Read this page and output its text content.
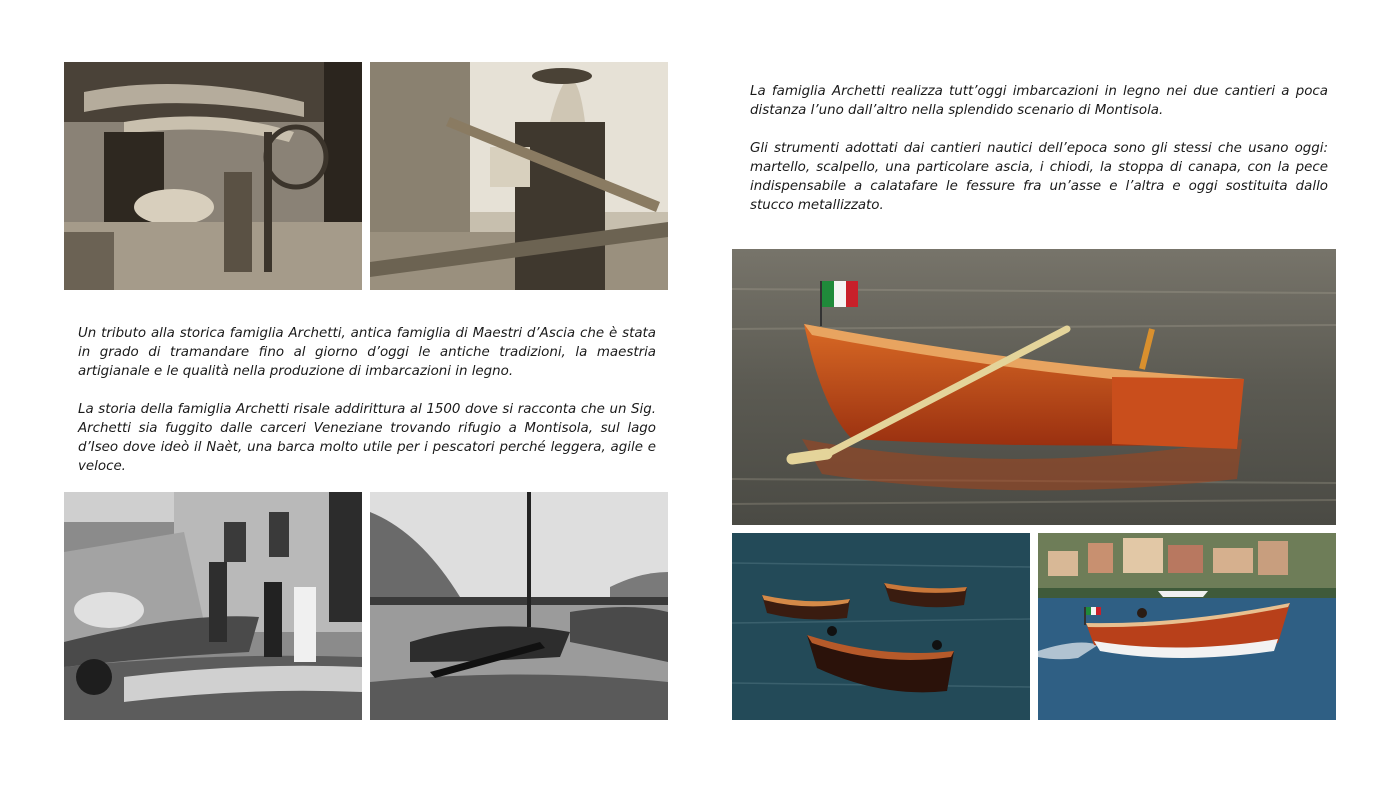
Un tributo alla storica famiglia Archetti, antica famiglia di Maestri d’Ascia che è stata in grado di tramandare fino al giorno d’oggi le antiche tradizioni, la maestria artigianale e le qualità nella produzione di imbarcazioni in legno.

La storia della famiglia Archetti risale addirittura al 1500 dove si racconta che un Sig. Archetti sia fuggito dalle carceri Veneziane trovando rifugio a Montisola, sul lago d’Iseo dove ideò il Naèt, una barca molto utile per i pescatori perché leggera, agile e veloce.

La famiglia Archetti realizza tutt’oggi imbarcazioni in legno nei due cantieri a poca distanza l’uno dall’altro nella splendido scenario di Montisola.

Gli strumenti adottati dai cantieri nautici dell’epoca sono gli stessi che usano oggi: martello, scalpello, una particolare ascia, i chiodi, la stoppa di canapa, con la pece indispensabile a calatafare le fessure fra un’asse e l’altra e oggi sostituita dallo stucco metallizzato.
